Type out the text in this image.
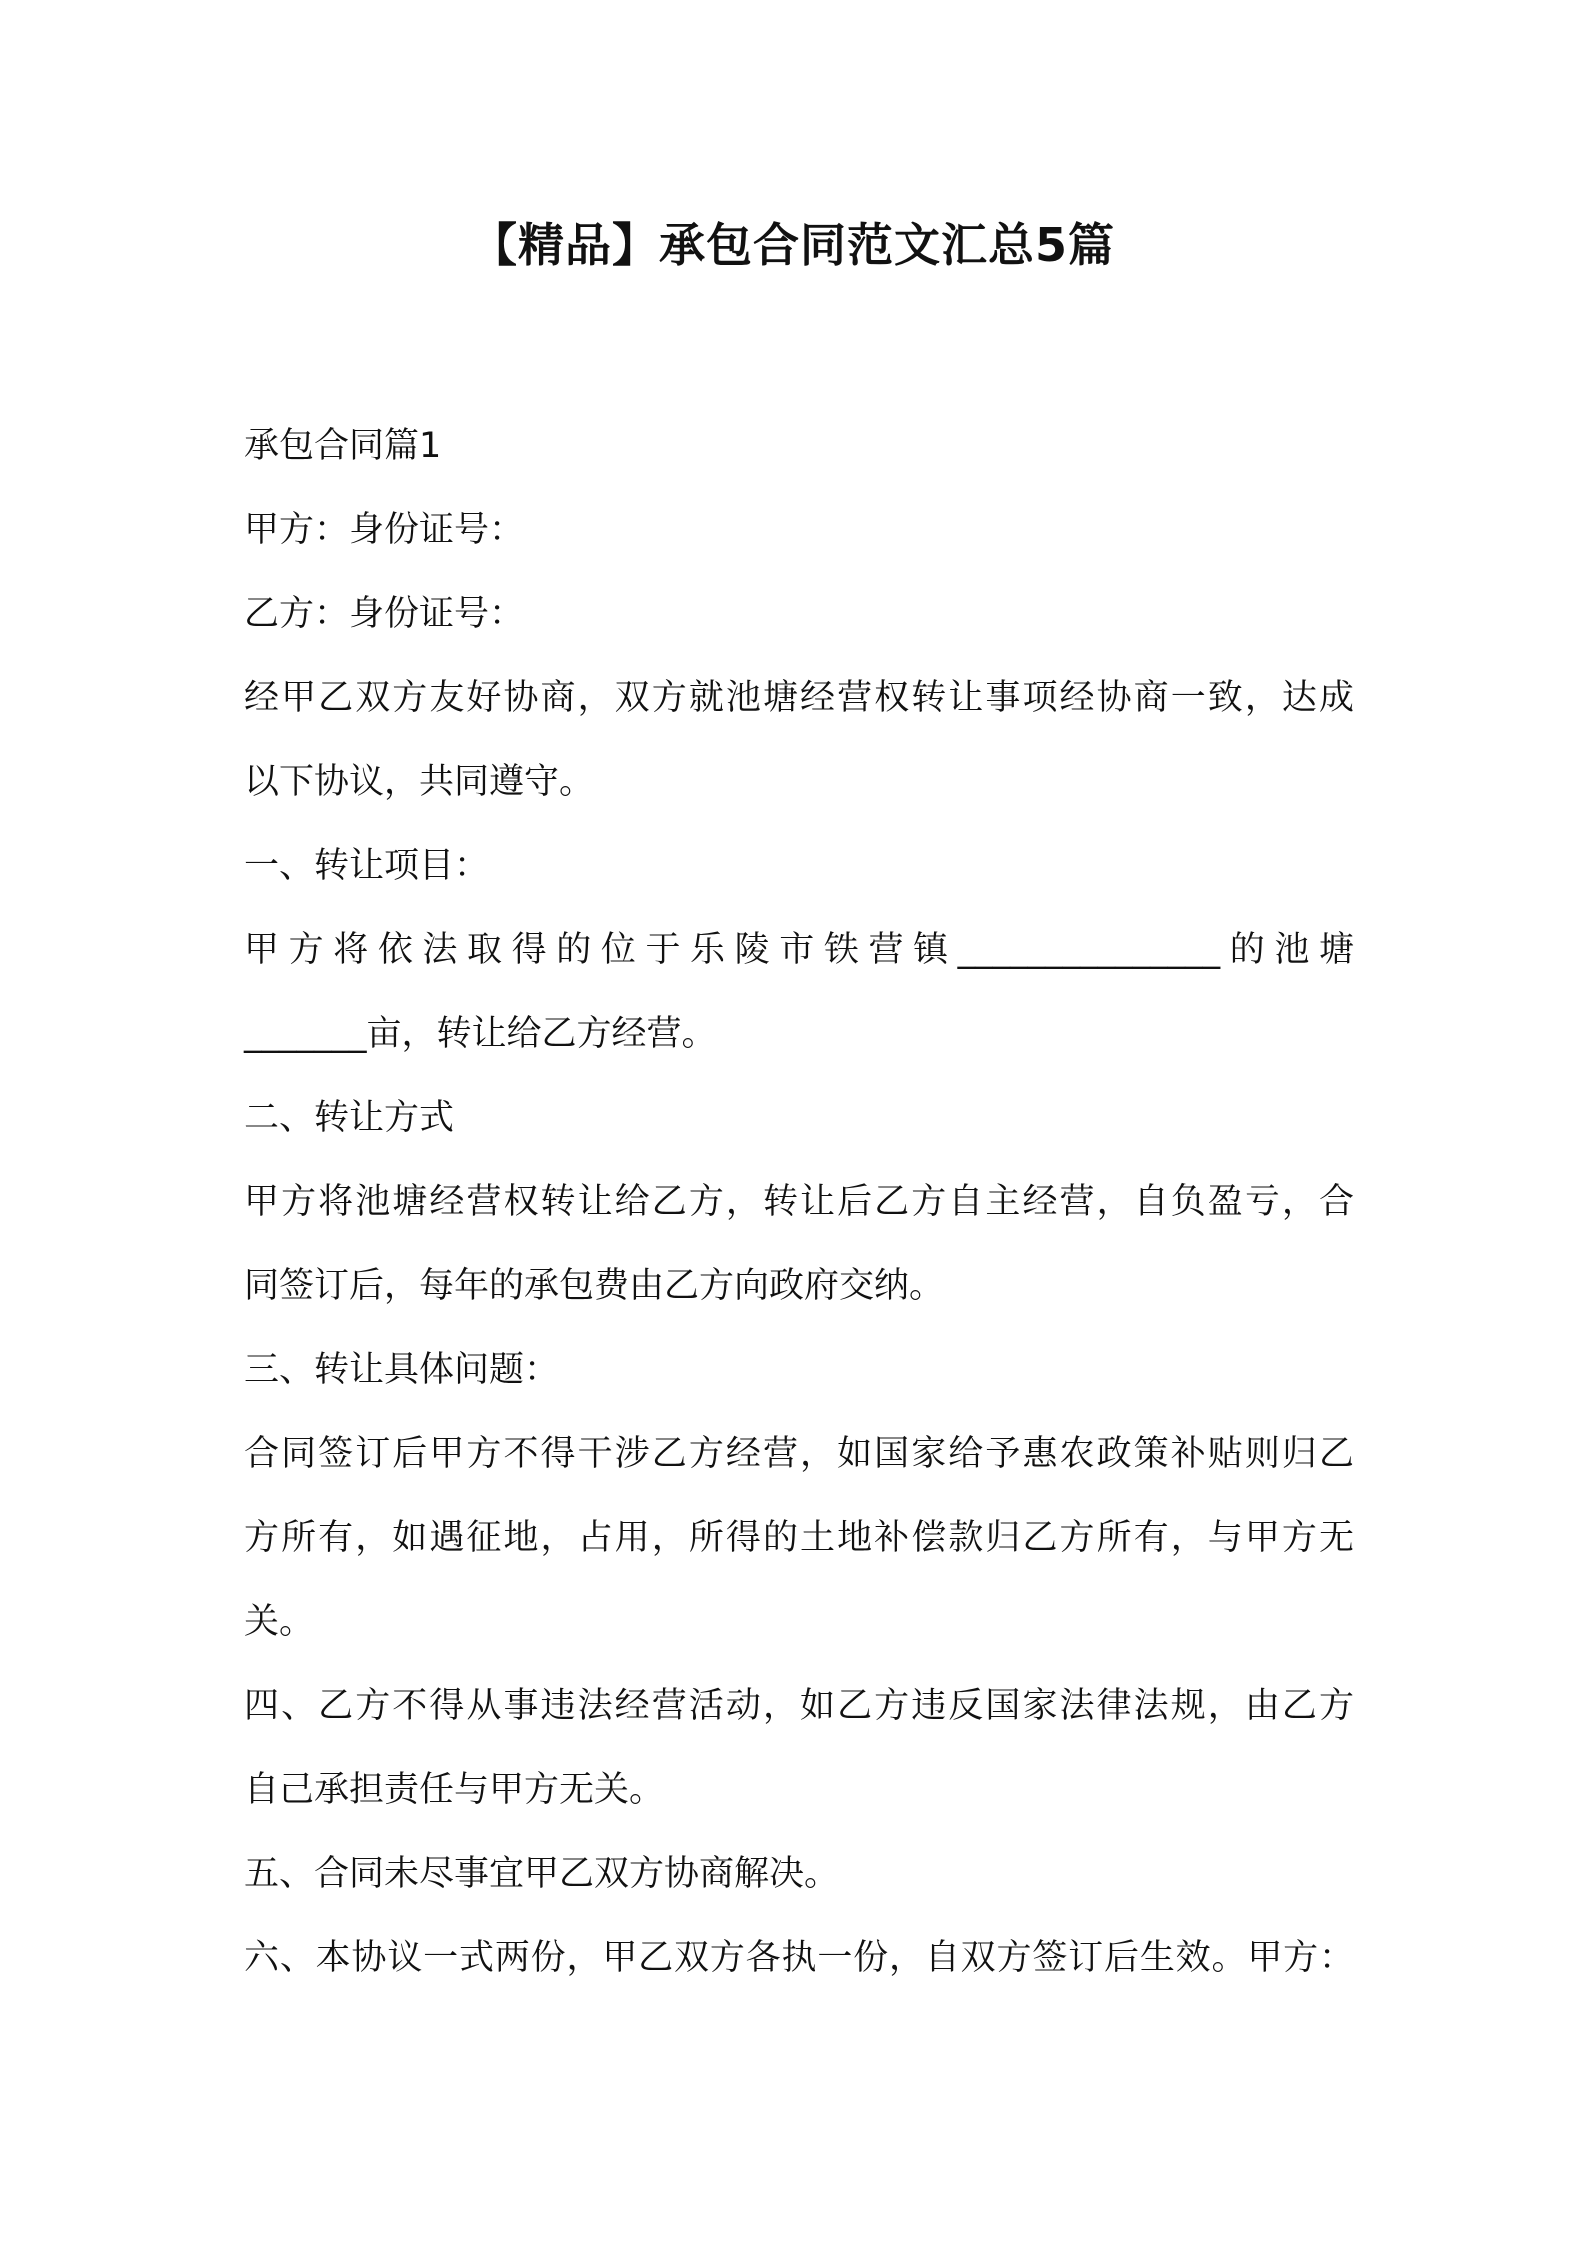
【精品】承包合同范文汇总5篇

承包合同篇1

甲方：身份证号：

乙方：身份证号：

经甲乙双方友好协商，双方就池塘经营权转让事项经协商一致，达成

以下协议，共同遵守。

一、转让项目：

甲方将依法取得的位于乐陵市铁营镇_______________的池塘

_______亩，转让给乙方经营。

二、转让方式

甲方将池塘经营权转让给乙方，转让后乙方自主经营，自负盈亏，合

同签订后，每年的承包费由乙方向政府交纳。

三、转让具体问题：

合同签订后甲方不得干涉乙方经营，如国家给予惠农政策补贴则归乙

方所有，如遇征地，占用，所得的土地补偿款归乙方所有，与甲方无

关。

四、乙方不得从事违法经营活动，如乙方违反国家法律法规，由乙方

自己承担责任与甲方无关。

五、合同未尽事宜甲乙双方协商解决。

六、本协议一式两份，甲乙双方各执一份，自双方签订后生效。甲方：
